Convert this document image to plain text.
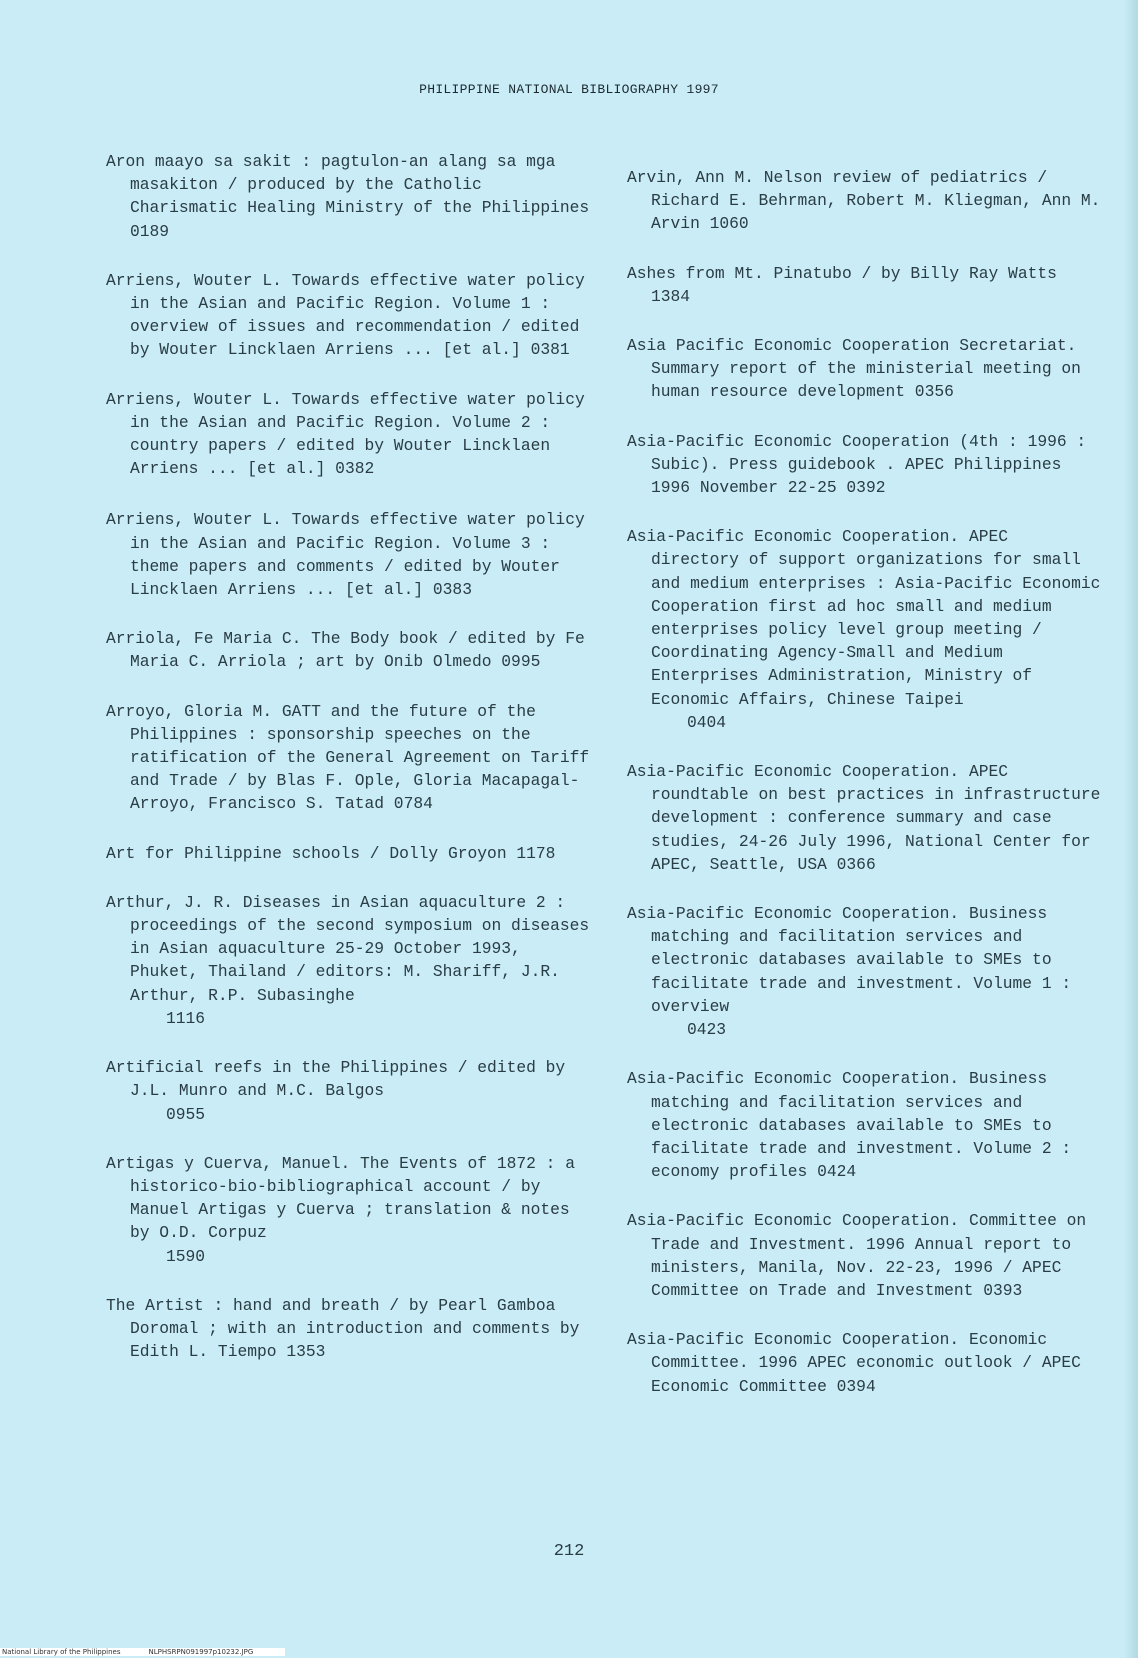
PHILIPPINE NATIONAL BIBLIOGRAPHY 1997

Aron maayo sa sakit : pagtulon-an alang sa mga masakiton / produced by the Catholic Charismatic Healing Ministry of the Philippines 0189

Arriens, Wouter L. Towards effective water policy in the Asian and Pacific Region. Volume 1 : overview of issues and recommendation / edited by Wouter Lincklaen Arriens ... [et al.] 0381

Arriens, Wouter L. Towards effective water policy in the Asian and Pacific Region. Volume 2 : country papers / edited by Wouter Lincklaen Arriens ... [et al.] 0382

Arriens, Wouter L. Towards effective water policy in the Asian and Pacific Region. Volume 3 : theme papers and comments / edited by Wouter Lincklaen Arriens ... [et al.] 0383

Arriola, Fe Maria C. The Body book / edited by Fe Maria C. Arriola ; art by Onib Olmedo 0995

Arroyo, Gloria M. GATT and the future of the Philippines : sponsorship speeches on the ratification of the General Agreement on Tariff and Trade / by Blas F. Ople, Gloria Macapagal-Arroyo, Francisco S. Tatad 0784

Art for Philippine schools / Dolly Groyon 1178

Arthur, J. R. Diseases in Asian aquaculture 2 : proceedings of the second symposium on diseases in Asian aquaculture 25-29 October 1993, Phuket, Thailand / editors: M. Shariff, J.R. Arthur, R.P. Subasinghe
1116

Artificial reefs in the Philippines / edited by J.L. Munro and M.C. Balgos
0955

Artigas y Cuerva, Manuel. The Events of 1872 : a historico-bio-bibliographical account / by Manuel Artigas y Cuerva ; translation & notes by O.D. Corpuz
1590

The Artist : hand and breath / by Pearl Gamboa Doromal ; with an introduction and comments by Edith L. Tiempo 1353

Arvin, Ann M. Nelson review of pediatrics / Richard E. Behrman, Robert M. Kliegman, Ann M. Arvin 1060

Ashes from Mt. Pinatubo / by Billy Ray Watts 1384

Asia Pacific Economic Cooperation Secretariat. Summary report of the ministerial meeting on human resource development 0356

Asia-Pacific Economic Cooperation (4th : 1996 : Subic). Press guidebook . APEC Philippines 1996 November 22-25 0392

Asia-Pacific Economic Cooperation. APEC directory of support organizations for small and medium enterprises : Asia-Pacific Economic Cooperation first ad hoc small and medium enterprises policy level group meeting / Coordinating Agency-Small and Medium Enterprises Administration, Ministry of Economic Affairs, Chinese Taipei
0404

Asia-Pacific Economic Cooperation. APEC roundtable on best practices in infrastructure development : conference summary and case studies, 24-26 July 1996, National Center for APEC, Seattle, USA 0366

Asia-Pacific Economic Cooperation. Business matching and facilitation services and electronic databases available to SMEs to facilitate trade and investment. Volume 1 : overview
0423

Asia-Pacific Economic Cooperation. Business matching and facilitation services and electronic databases available to SMEs to facilitate trade and investment. Volume 2 : economy profiles 0424

Asia-Pacific Economic Cooperation. Committee on Trade and Investment. 1996 Annual report to ministers, Manila, Nov. 22-23, 1996 / APEC Committee on Trade and Investment 0393

Asia-Pacific Economic Cooperation. Economic Committee. 1996 APEC economic outlook / APEC Economic Committee 0394

212
National Library of the Philippines	NLPHSRPN091997p10232.JPG
